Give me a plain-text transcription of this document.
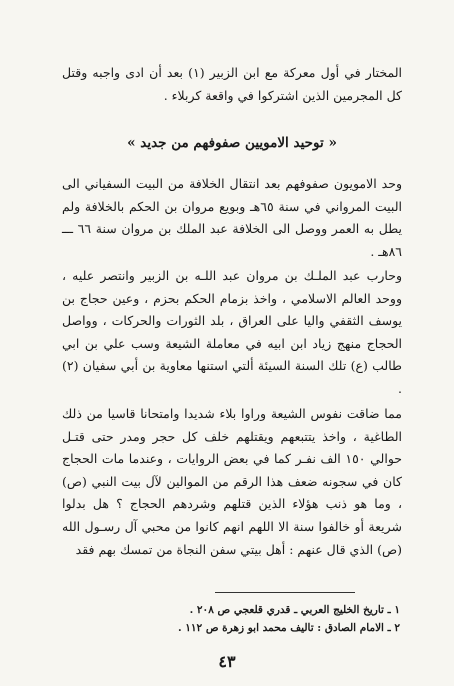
المختار في أول معركة مع ابن الزبير (١) بعد أن ادى واجبه وقتل كل المجرمين الذين اشتركوا في واقعة كربلاء .

« توحيد الامويين صفوفهم من جديد »

وحد الامويون صفوفهم بعد انتقال الخلافة من البيت السفياني الى البيت المرواني في سنة ٦٥هـ وبويع مروان بن الحكم بالخلافة ولم يطل به العمر ووصل الى الخلافة عبد الملك بن مروان سنة ٦٦ ـــ ٨٦هـ .

وحارب عبد الملـك بن مروان عبد اللـه بن الزبير وانتصر عليه ، ووحد العالم الاسلامي ، واخذ بزمام الحكم بحزم ، وعين حجاج بن يوسف الثقفي واليا على العراق ، بلد الثورات والحركات ، وواصل الحجاج منهج زياد ابن ابيه في معاملة الشيعة وسب علي بن ابي طالب (ع) تلك السنة السيئة ألتي استنها معاوية بن أبي سفيان (٢) .

مما ضاقت نفوس الشيعة وراوا بلاء شديدا وامتحانا قاسيا من ذلك الطاغية ، واخذ يتتبعهم ويقتلهم خلف كل حجر ومدر حتى قتـل حوالي ١٥٠ الف نفـر كما في بعض الروايات ، وعندما مات الحجاج كان في سجونه ضعف هذا الرقم من الموالين لآل بيت النبي (ص) ، وما هو ذنب هؤلاء الذين قتلهم وشردهم الحجاج ؟ هل بدلوا شريعة أو خالفوا سنة الا اللهم انهم كانوا من محبي آل رسـول الله (ص) الذي قال عنهم : أهل بيتي سفن النجاة من تمسك بهم فقد

١ ـ تاريخ الخليج العربي ـ قدري قلعجي ص ٢٠٨ .
٢ ـ الامام الصادق : تاليف محمد ابو زهرة ص ١١٢ .
٤٣
